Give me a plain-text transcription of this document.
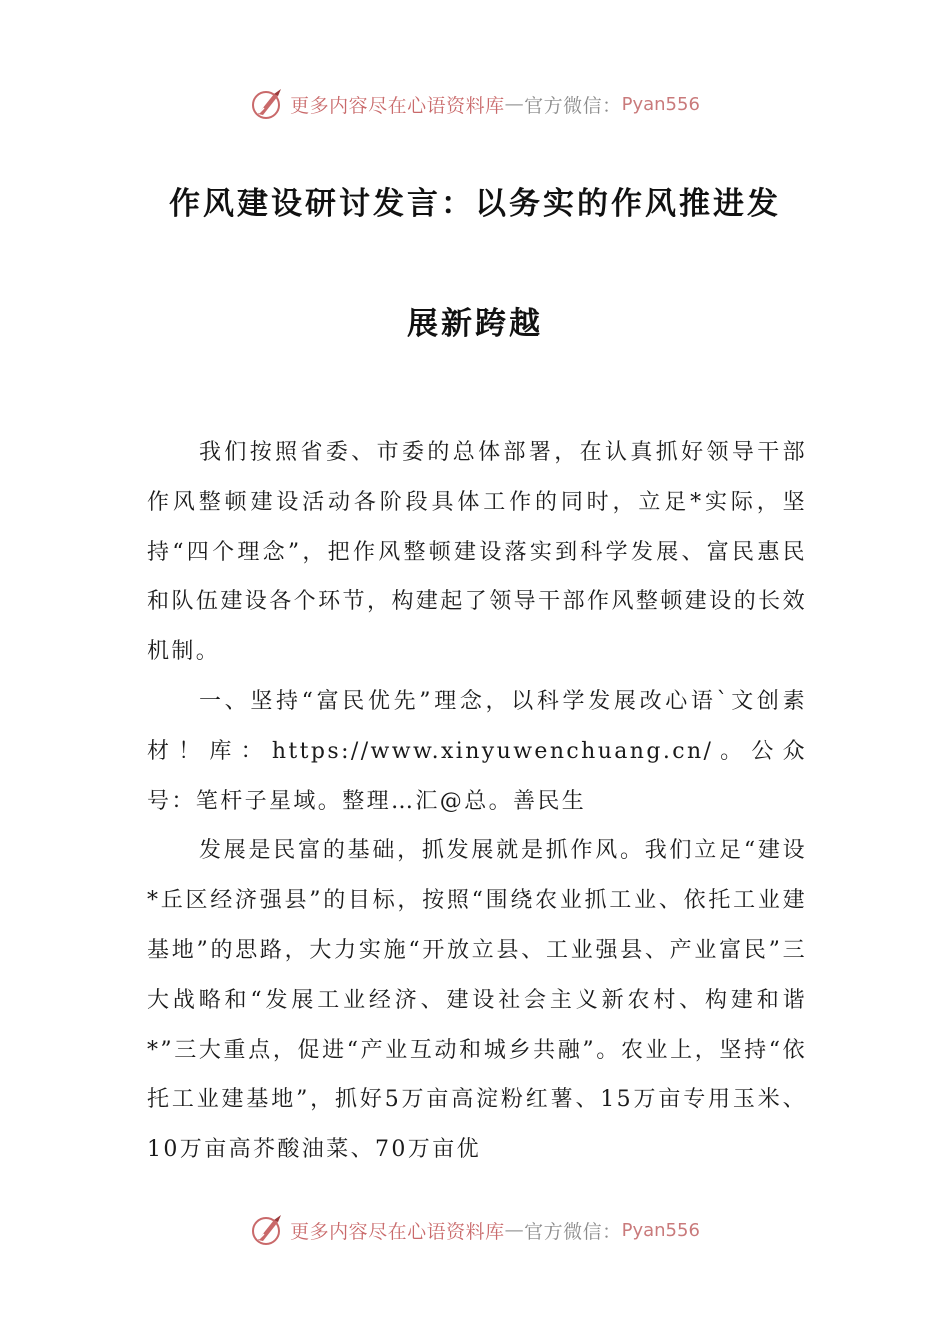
更多内容尽在心语资料库 — 官方微信： Pyan556
作风建设研讨发言：以务实的作风推进发
展新跨越

我们按照省委、市委的总体部署，在认真抓好领导干部作风整顿建设活动各阶段具体工作的同时，立足*实际，坚持“四个理念”，把作风整顿建设落实到科学发展、富民惠民和队伍建设各个环节，构建起了领导干部作风整顿建设的长效机制。

一、坚持“富民优先”理念，以科学发展改心语`文创素材！库：https://www.xinyuwenchuang.cn/。公众号：笔杆子星域。整理…汇@总。善民生

发展是民富的基础，抓发展就是抓作风。我们立足“建设*丘区经济强县”的目标，按照“围绕农业抓工业、依托工业建基地”的思路，大力实施“开放立县、工业强县、产业富民”三大战略和“发展工业经济、建设社会主义新农村、构建和谐*”三大重点，促进“产业互动和城乡共融”。农业上，坚持“依托工业建基地”，抓好5万亩高淀粉红薯、15万亩专用玉米、10万亩高芥酸油菜、70万亩优

更多内容尽在心语资料库 — 官方微信： Pyan556
